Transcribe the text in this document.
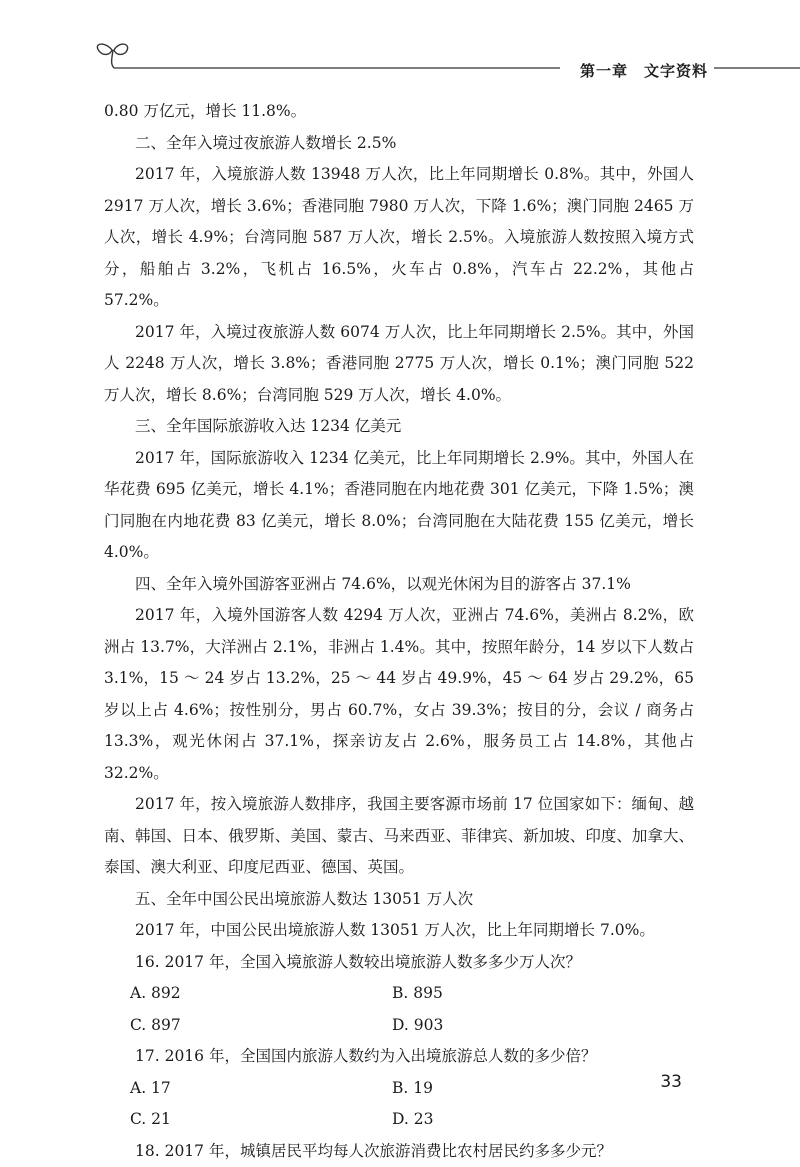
第一章　文字资料

0.80 万亿元，增长 11.8%。

二、全年入境过夜旅游人数增长 2.5%

2017 年，入境旅游人数 13948 万人次，比上年同期增长 0.8%。其中，外国人 2917 万人次，增长 3.6%；香港同胞 7980 万人次，下降 1.6%；澳门同胞 2465 万人次，增长 4.9%；台湾同胞 587 万人次，增长 2.5%。入境旅游人数按照入境方式分，船舶占 3.2%，飞机占 16.5%，火车占 0.8%，汽车占 22.2%，其他占 57.2%。

2017 年，入境过夜旅游人数 6074 万人次，比上年同期增长 2.5%。其中，外国人 2248 万人次，增长 3.8%；香港同胞 2775 万人次，增长 0.1%；澳门同胞 522 万人次，增长 8.6%；台湾同胞 529 万人次，增长 4.0%。

三、全年国际旅游收入达 1234 亿美元

2017 年，国际旅游收入 1234 亿美元，比上年同期增长 2.9%。其中，外国人在华花费 695 亿美元，增长 4.1%；香港同胞在内地花费 301 亿美元，下降 1.5%；澳门同胞在内地花费 83 亿美元，增长 8.0%；台湾同胞在大陆花费 155 亿美元，增长 4.0%。

四、全年入境外国游客亚洲占 74.6%，以观光休闲为目的游客占 37.1%

2017 年，入境外国游客人数 4294 万人次，亚洲占 74.6%，美洲占 8.2%，欧洲占 13.7%，大洋洲占 2.1%，非洲占 1.4%。其中，按照年龄分，14 岁以下人数占 3.1%，15 ～ 24 岁占 13.2%，25 ～ 44 岁占 49.9%，45 ～ 64 岁占 29.2%，65 岁以上占 4.6%；按性别分，男占 60.7%，女占 39.3%；按目的分，会议 / 商务占 13.3%，观光休闲占 37.1%，探亲访友占 2.6%，服务员工占 14.8%，其他占 32.2%。

2017 年，按入境旅游人数排序，我国主要客源市场前 17 位国家如下：缅甸、越南、韩国、日本、俄罗斯、美国、蒙古、马来西亚、菲律宾、新加坡、印度、加拿大、泰国、澳大利亚、印度尼西亚、德国、英国。

五、全年中国公民出境旅游人数达 13051 万人次

2017 年，中国公民出境旅游人数 13051 万人次，比上年同期增长 7.0%。

16. 2017 年，全国入境旅游人数较出境旅游人数多多少万人次？

A. 892	B. 895
C. 897	D. 903

17. 2016 年，全国国内旅游人数约为入出境旅游总人数的多少倍？

A. 17	B. 19
C. 21	D. 23

18. 2017 年，城镇居民平均每人次旅游消费比农村居民约多多少元？

33
